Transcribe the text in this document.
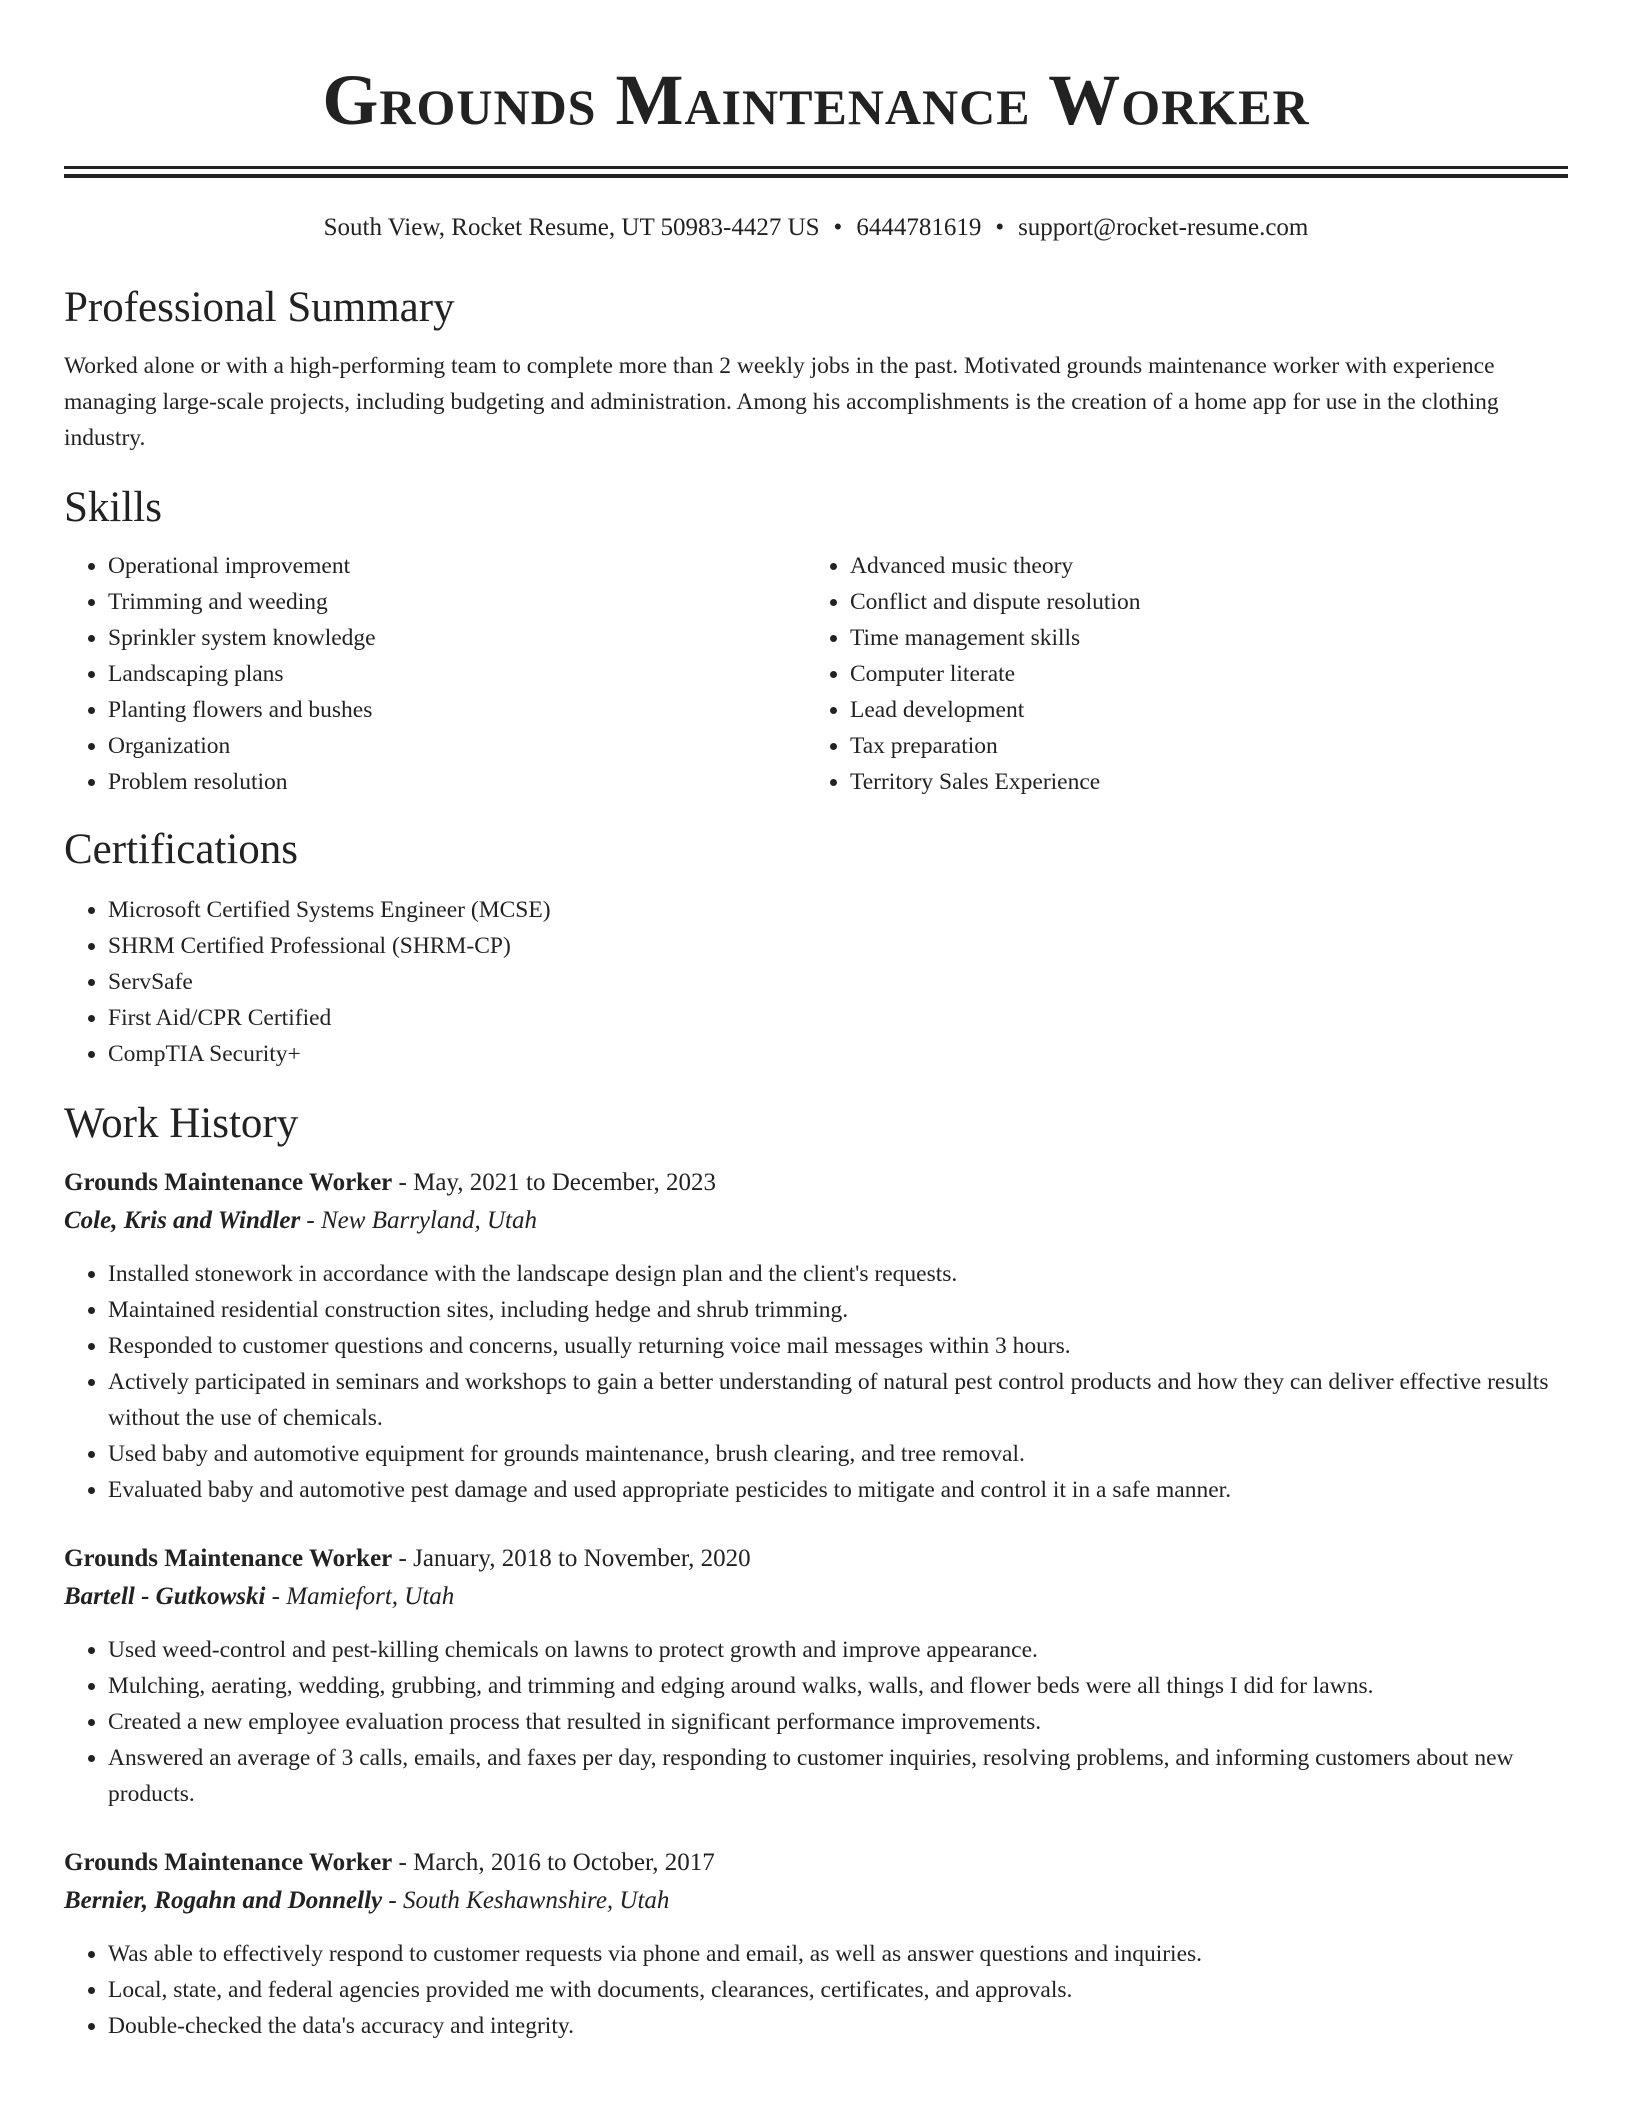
Grounds Maintenance Worker
South View, Rocket Resume, UT 50983-4427 US • 6444781619 • support@rocket-resume.com
Professional Summary

Worked alone or with a high-performing team to complete more than 2 weekly jobs in the past. Motivated grounds maintenance worker with experience managing large-scale projects, including budgeting and administration. Among his accomplishments is the creation of a home app for use in the clothing industry.

Skills
• Operational improvement
• Trimming and weeding
• Sprinkler system knowledge
• Landscaping plans
• Planting flowers and bushes
• Organization
• Problem resolution
• Advanced music theory
• Conflict and dispute resolution
• Time management skills
• Computer literate
• Lead development
• Tax preparation
• Territory Sales Experience
Certifications
• Microsoft Certified Systems Engineer (MCSE)
• SHRM Certified Professional (SHRM-CP)
• ServSafe
• First Aid/CPR Certified
• CompTIA Security+
Work History
Grounds Maintenance Worker - May, 2021 to December, 2023
Cole, Kris and Windler - New Barryland, Utah
• Installed stonework in accordance with the landscape design plan and the client's requests.
• Maintained residential construction sites, including hedge and shrub trimming.
• Responded to customer questions and concerns, usually returning voice mail messages within 3 hours.
• Actively participated in seminars and workshops to gain a better understanding of natural pest control products and how they can deliver effective results without the use of chemicals.
• Used baby and automotive equipment for grounds maintenance, brush clearing, and tree removal.
• Evaluated baby and automotive pest damage and used appropriate pesticides to mitigate and control it in a safe manner.
Grounds Maintenance Worker - January, 2018 to November, 2020
Bartell - Gutkowski - Mamiefort, Utah
• Used weed-control and pest-killing chemicals on lawns to protect growth and improve appearance.
• Mulching, aerating, wedding, grubbing, and trimming and edging around walks, walls, and flower beds were all things I did for lawns.
• Created a new employee evaluation process that resulted in significant performance improvements.
• Answered an average of 3 calls, emails, and faxes per day, responding to customer inquiries, resolving problems, and informing customers about new products.
Grounds Maintenance Worker - March, 2016 to October, 2017
Bernier, Rogahn and Donnelly - South Keshawnshire, Utah
• Was able to effectively respond to customer requests via phone and email, as well as answer questions and inquiries.
• Local, state, and federal agencies provided me with documents, clearances, certificates, and approvals.
• Double-checked the data's accuracy and integrity.
